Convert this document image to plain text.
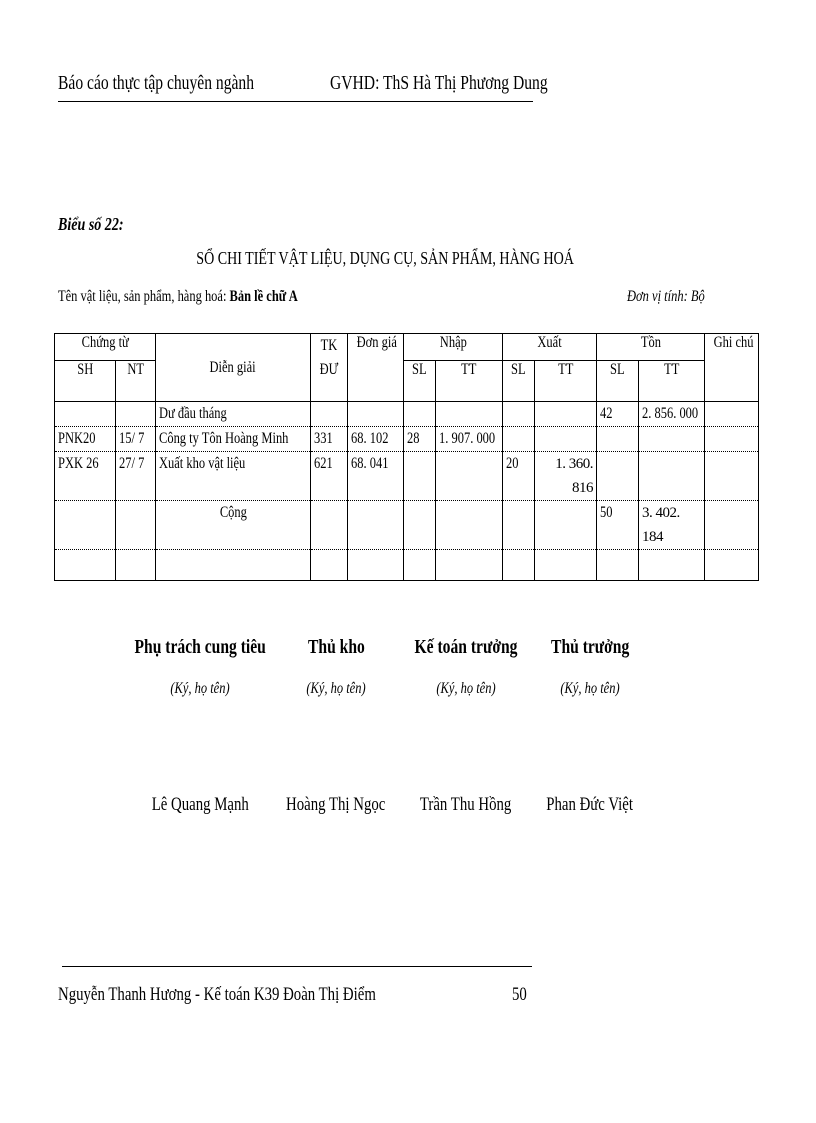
Báo cáo thực tập chuyên ngành	GVHD: ThS Hà Thị Phương Dung
Biểu số 22:
SỔ CHI TIẾT VẬT LIỆU, DỤNG CỤ, SẢN PHẨM, HÀNG HOÁ
Tên vật liệu, sản phẩm, hàng hoá: Bản lề chữ A	Đơn vị tính: Bộ
Chứng từ		Diễn giải	TK ĐƯ	Đơn giá	Nhập		Xuất		Tồn		Ghi chú
SH	NT				SL	TT	SL	TT	SL	TT	
		Dư đầu tháng							42	2. 856. 000	
PNK20	15/ 7	Công ty Tôn Hoàng Minh	331	68. 102	28	1. 907. 000					
PXK 26	27/ 7	Xuất kho vật liệu	621	68. 041			20	1. 360. 816			
		Cộng							50	3. 402. 184	

Phụ trách cung tiêu	Thủ kho	Kế toán trưởng	Thủ trưởng
(Ký, họ tên)	(Ký, họ tên)	(Ký, họ tên)	(Ký, họ tên)
Lê Quang Mạnh	Hoàng Thị Ngọc	Trần Thu Hồng	Phan Đức Việt
Nguyễn Thanh Hương - Kế toán K39 Đoàn Thị Điểm	50
